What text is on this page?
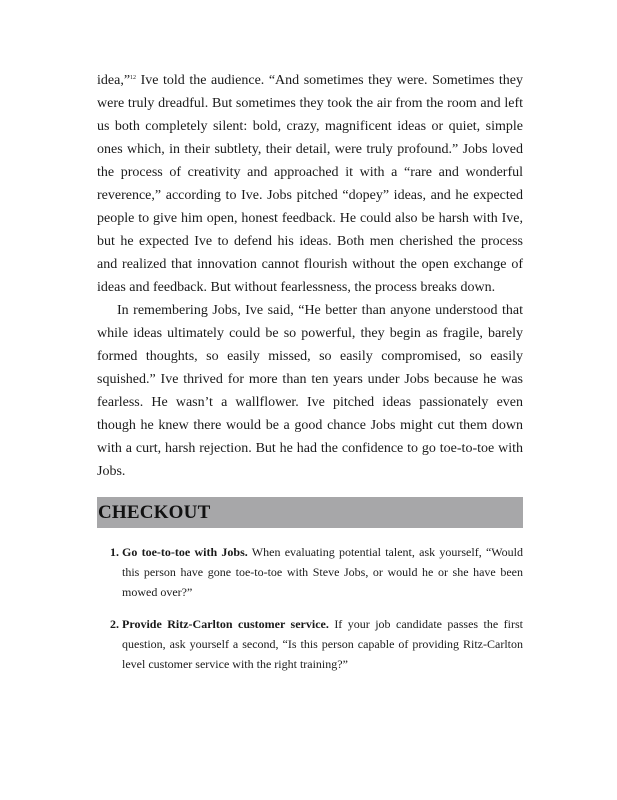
idea,”$^{12}$ Ive told the audience. “And sometimes they were. Sometimes they were truly dreadful. But sometimes they took the air from the room and left us both completely silent: bold, crazy, magnificent ideas or quiet, simple ones which, in their subtlety, their detail, were truly profound.” Jobs loved the process of creativity and approached it with a “rare and wonderful reverence,” according to Ive. Jobs pitched “dopey” ideas, and he expected people to give him open, honest feedback. He could also be harsh with Ive, but he expected Ive to defend his ideas. Both men cherished the process and realized that innovation cannot flourish without the open exchange of ideas and feedback. But without fearlessness, the process breaks down.

In remembering Jobs, Ive said, “He better than anyone understood that while ideas ultimately could be so powerful, they begin as fragile, barely formed thoughts, so easily missed, so easily compromised, so easily squished.” Ive thrived for more than ten years under Jobs because he was fearless. He wasn’t a wallflower. Ive pitched ideas passionately even though he knew there would be a good chance Jobs might cut them down with a curt, harsh rejection. But he had the confidence to go toe-to-toe with Jobs.

CHECKOUT
1. Go toe-to-toe with Jobs. When evaluating potential talent, ask yourself, “Would this person have gone toe-to-toe with Steve Jobs, or would he or she have been mowed over?”
2. Provide Ritz-Carlton customer service. If your job candidate passes the first question, ask yourself a second, “Is this person capable of providing Ritz-Carlton level customer service with the right training?”
